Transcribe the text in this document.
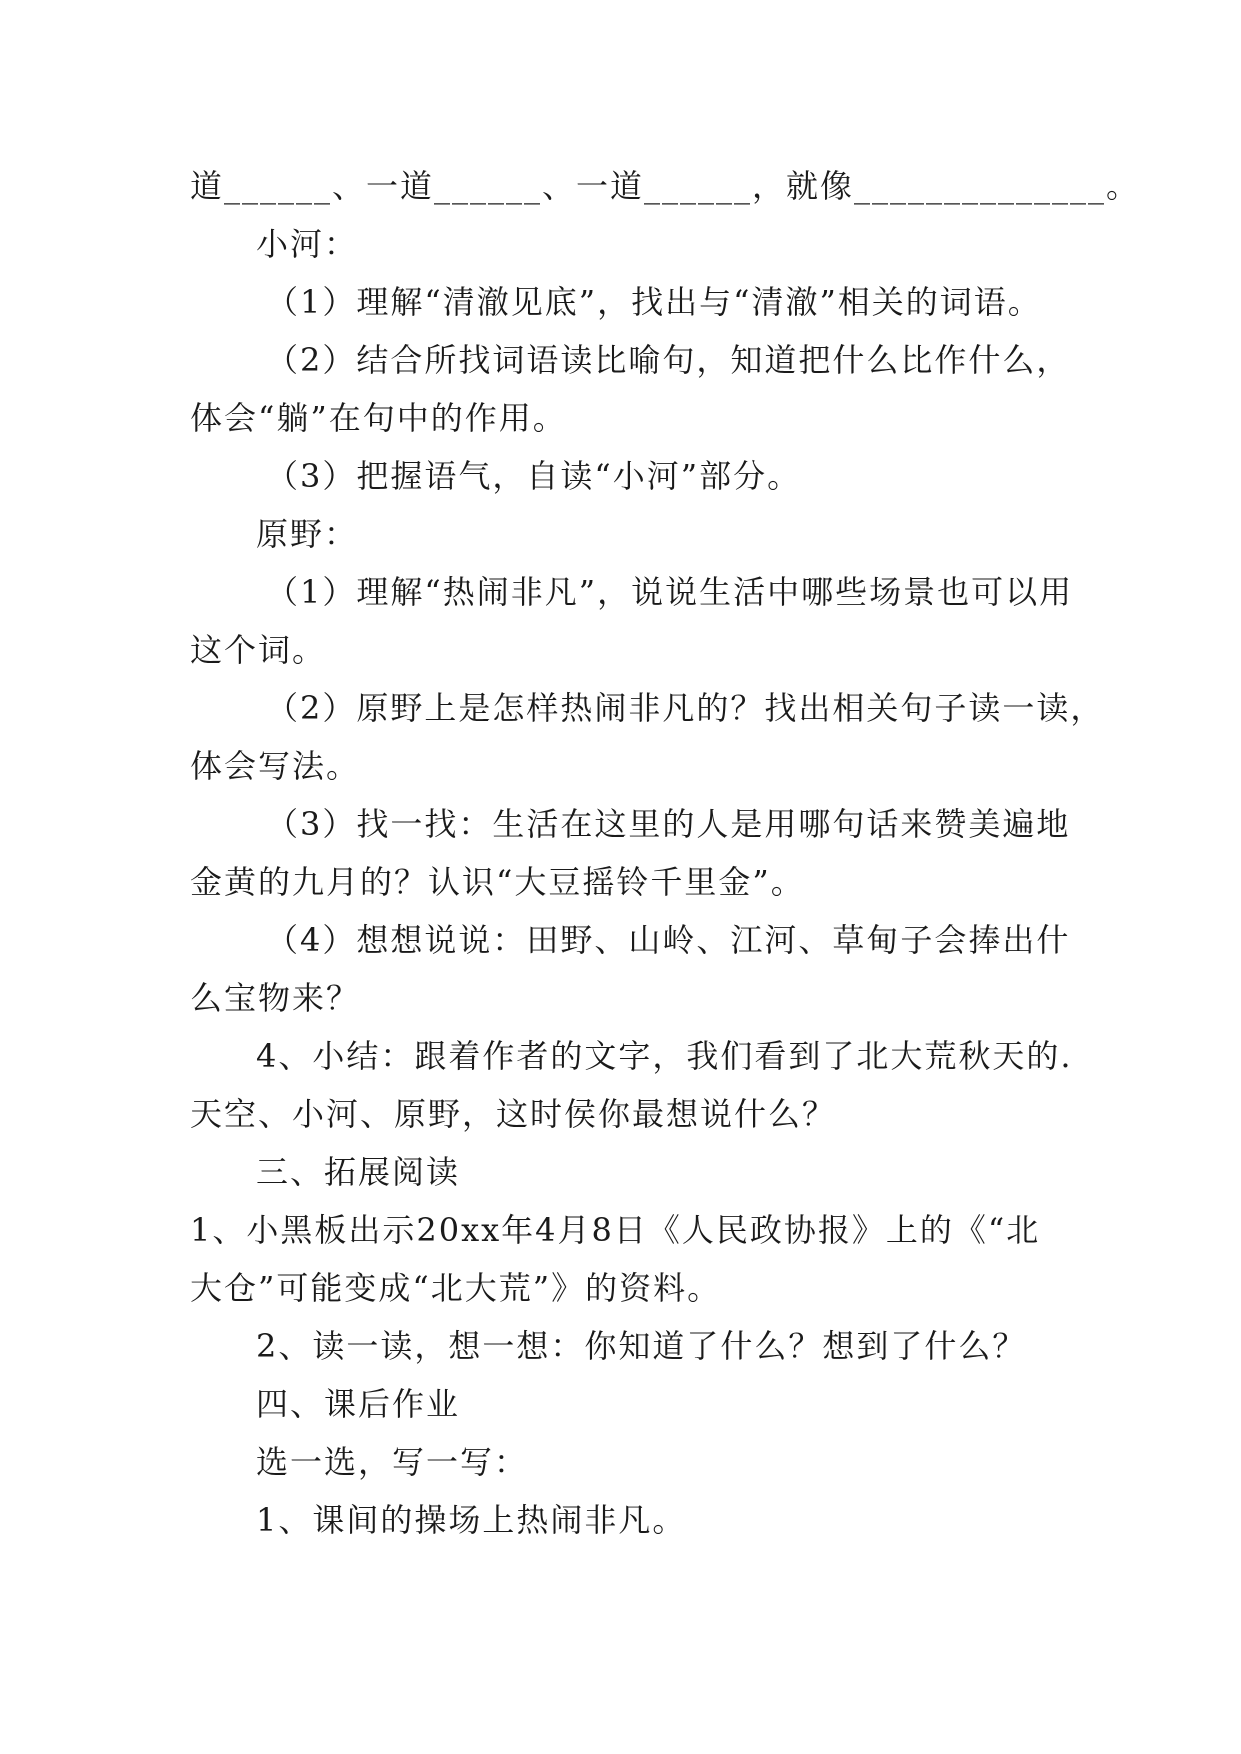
道______、一道______、一道______，就像______________。
小河：
（1）理解“清澈见底”，找出与“清澈”相关的词语。
（2）结合所找词语读比喻句，知道把什么比作什么，
体会“躺”在句中的作用。
（3）把握语气，自读“小河”部分。
原野：
（1）理解“热闹非凡”，说说生活中哪些场景也可以用
这个词。
（2）原野上是怎样热闹非凡的？找出相关句子读一读，
体会写法。
（3）找一找：生活在这里的人是用哪句话来赞美遍地
金黄的九月的？认识“大豆摇铃千里金”。
（4）想想说说：田野、山岭、江河、草甸子会捧出什
么宝物来？
4、小结：跟着作者的文字，我们看到了北大荒秋天的.
天空、小河、原野，这时侯你最想说什么？
三、拓展阅读
1、小黑板出示20xx年4月8日《人民政协报》上的《“北
大仓”可能变成“北大荒”》的资料。
2、读一读，想一想：你知道了什么？想到了什么？
四、课后作业
选一选，写一写：
1、课间的操场上热闹非凡。
